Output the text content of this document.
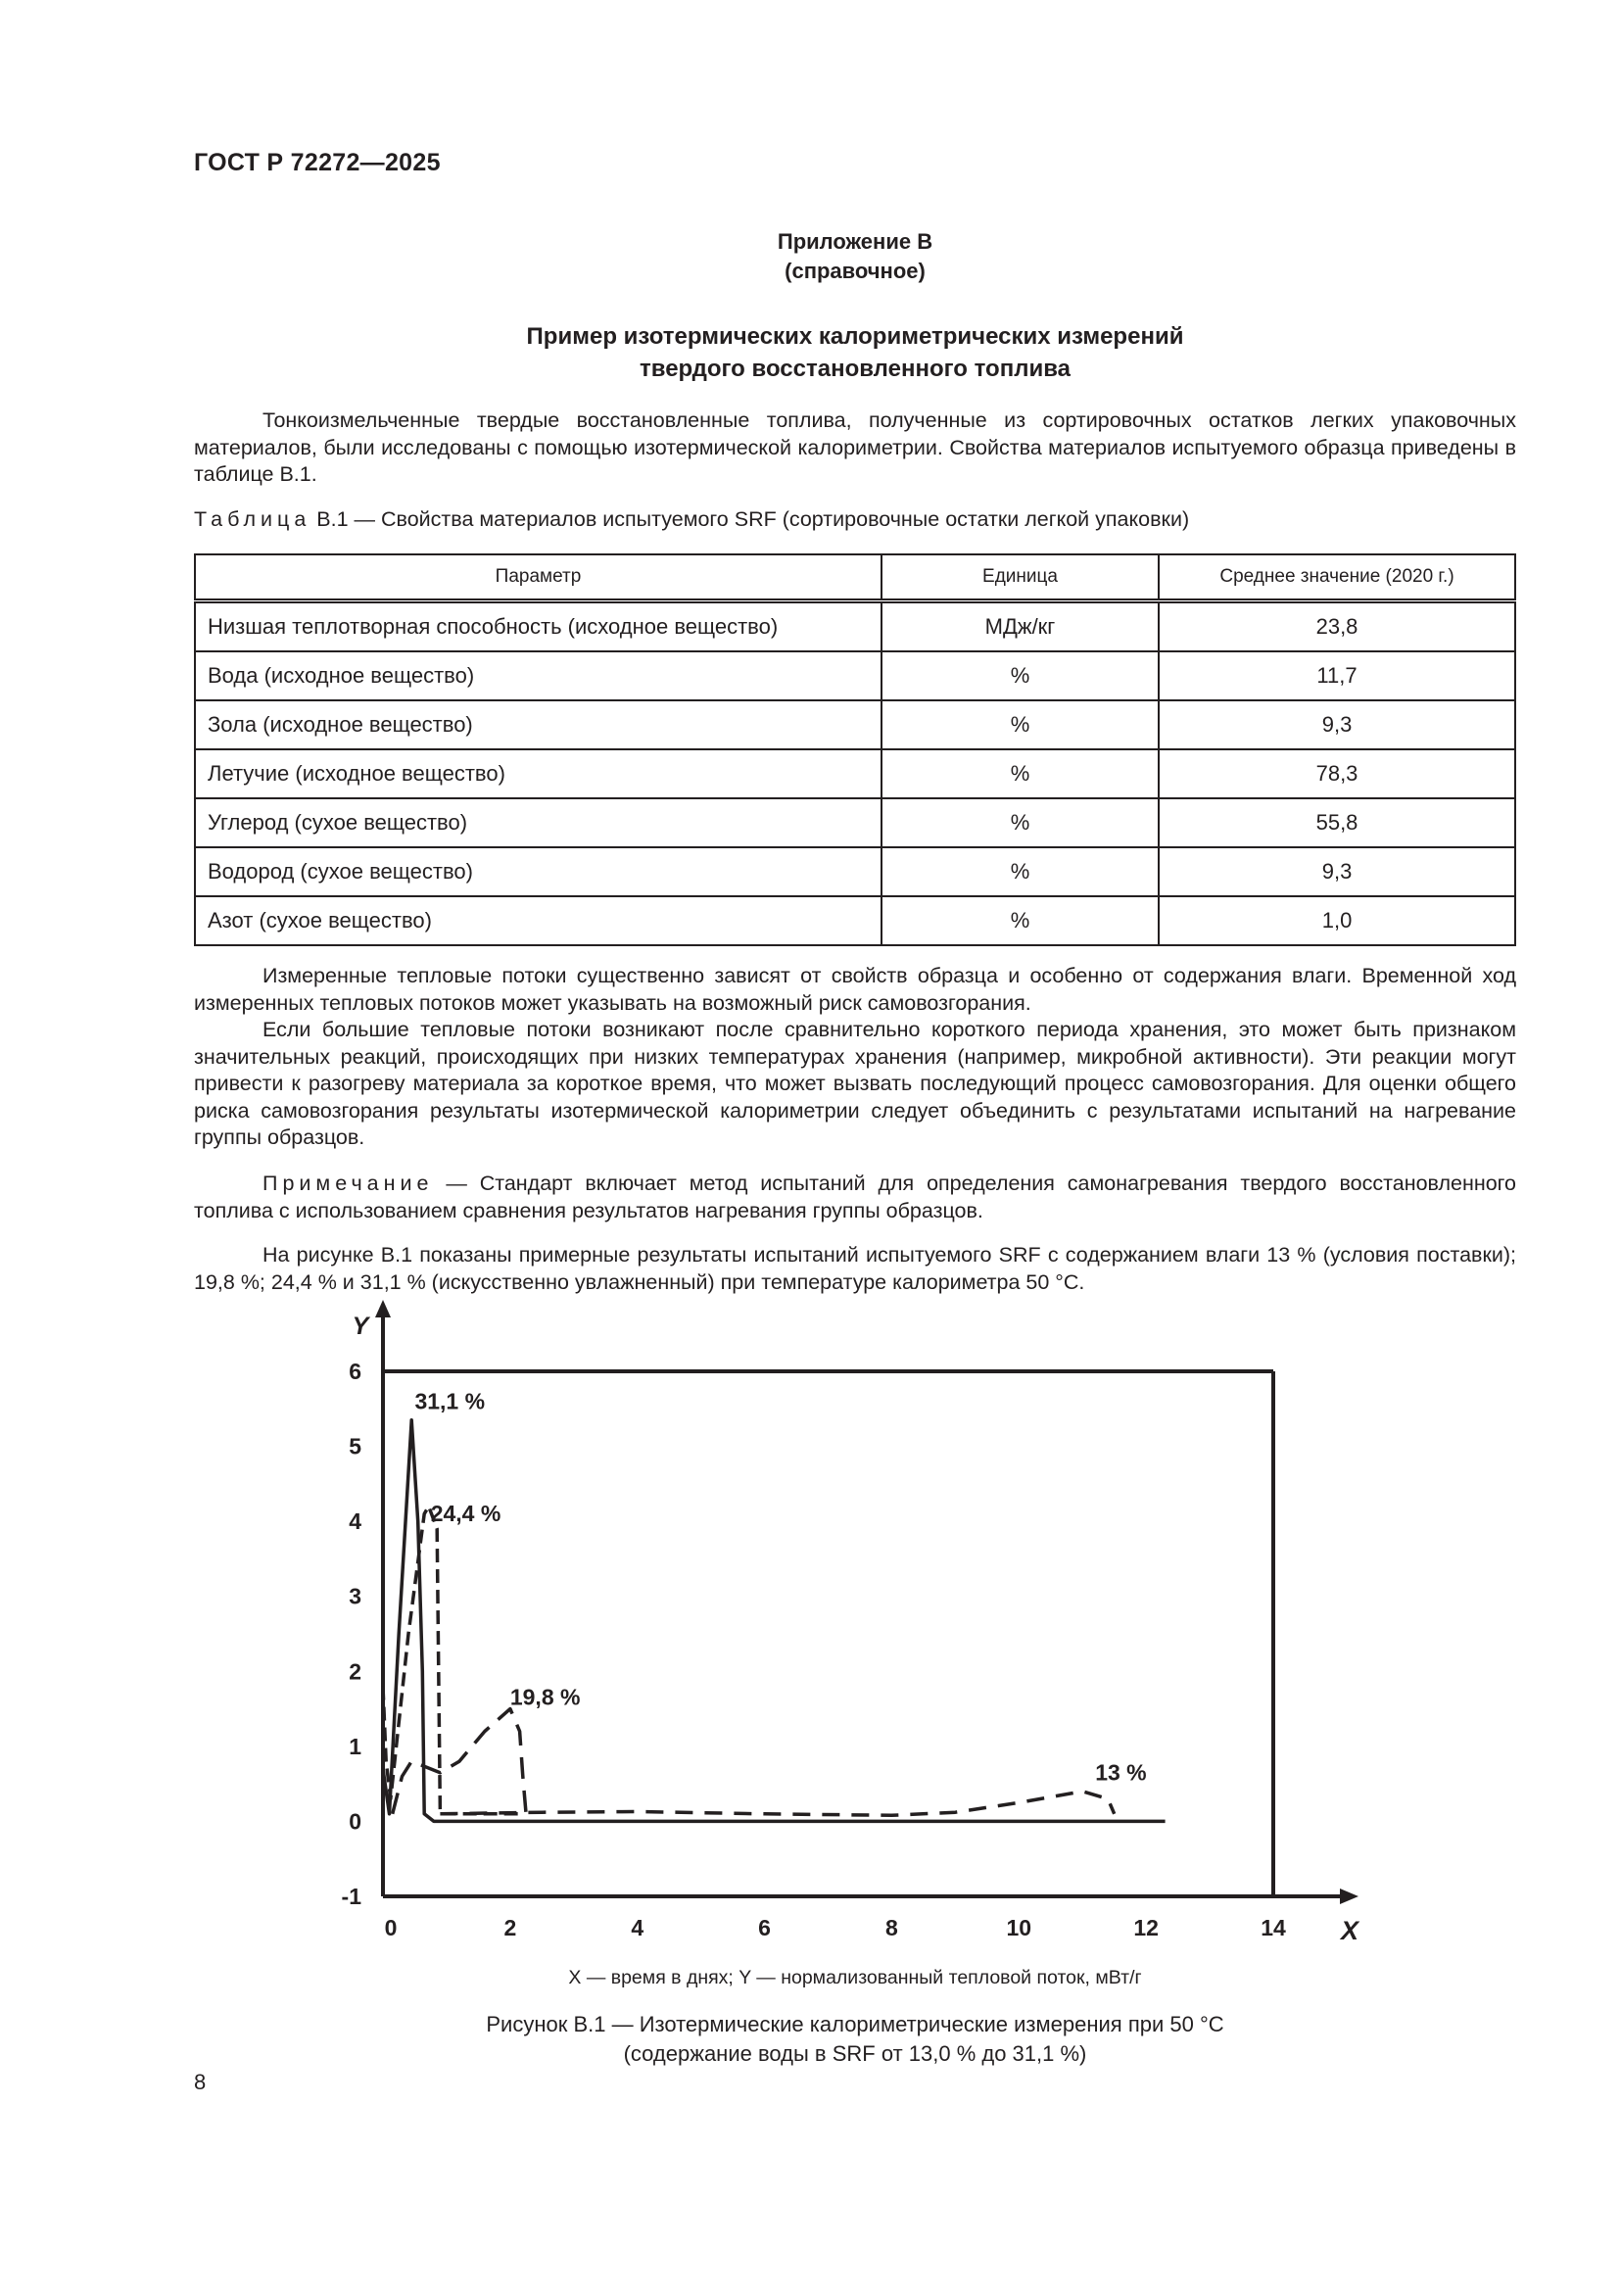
ГОСТ Р 72272—2025
Приложение В
(справочное)
Пример изотермических калориметрических измерений
твердого восстановленного топлива
Тонкоизмельченные твердые восстановленные топлива, полученные из сортировочных остатков легких упаковочных материалов, были исследованы с помощью изотермической калориметрии. Свойства материалов испытуемого образца приведены в таблице В.1.
Таблица В.1 — Свойства материалов испытуемого SRF (сортировочные остатки легкой упаковки)
Параметр	Единица	Среднее значение (2020 г.)
Низшая теплотворная способность (исходное вещество)	МДж/кг	23,8
Вода (исходное вещество)	%	11,7
Зола (исходное вещество)	%	9,3
Летучие (исходное вещество)	%	78,3
Углерод (сухое вещество)	%	55,8
Водород (сухое вещество)	%	9,3
Азот (сухое вещество)	%	1,0
Измеренные тепловые потоки существенно зависят от свойств образца и особенно от содержания влаги. Временной ход измеренных тепловых потоков может указывать на возможный риск самовозгорания.
Если большие тепловые потоки возникают после сравнительно короткого периода хранения, это может быть признаком значительных реакций, происходящих при низких температурах хранения (например, микробной активности). Эти реакции могут привести к разогреву материала за короткое время, что может вызвать последующий процесс самовозгорания. Для оценки общего риска самовозгорания результаты изотермической калориметрии следует объединить с результатами испытаний на нагревание группы образцов.
Примечание — Стандарт включает метод испытаний для определения самонагревания твердого восстановленного топлива с использованием сравнения результатов нагревания группы образцов.
На рисунке В.1 показаны примерные результаты испытаний испытуемого SRF с содержанием влаги 13 % (условия поставки); 19,8 %; 24,4 % и 31,1 % (искусственно увлажненный) при температуре калориметра 50 °C.
-1
0
1
2
3
4
5
6
0	2	4	6	8	10	12	14
Y
X
31,1 %
24,4 %
19,8 %
13 %
X — время в днях; Y — нормализованный тепловой поток, мВт/г
Рисунок В.1 — Изотермические калориметрические измерения при 50 °C
(содержание воды в SRF от 13,0 % до 31,1 %)
8
